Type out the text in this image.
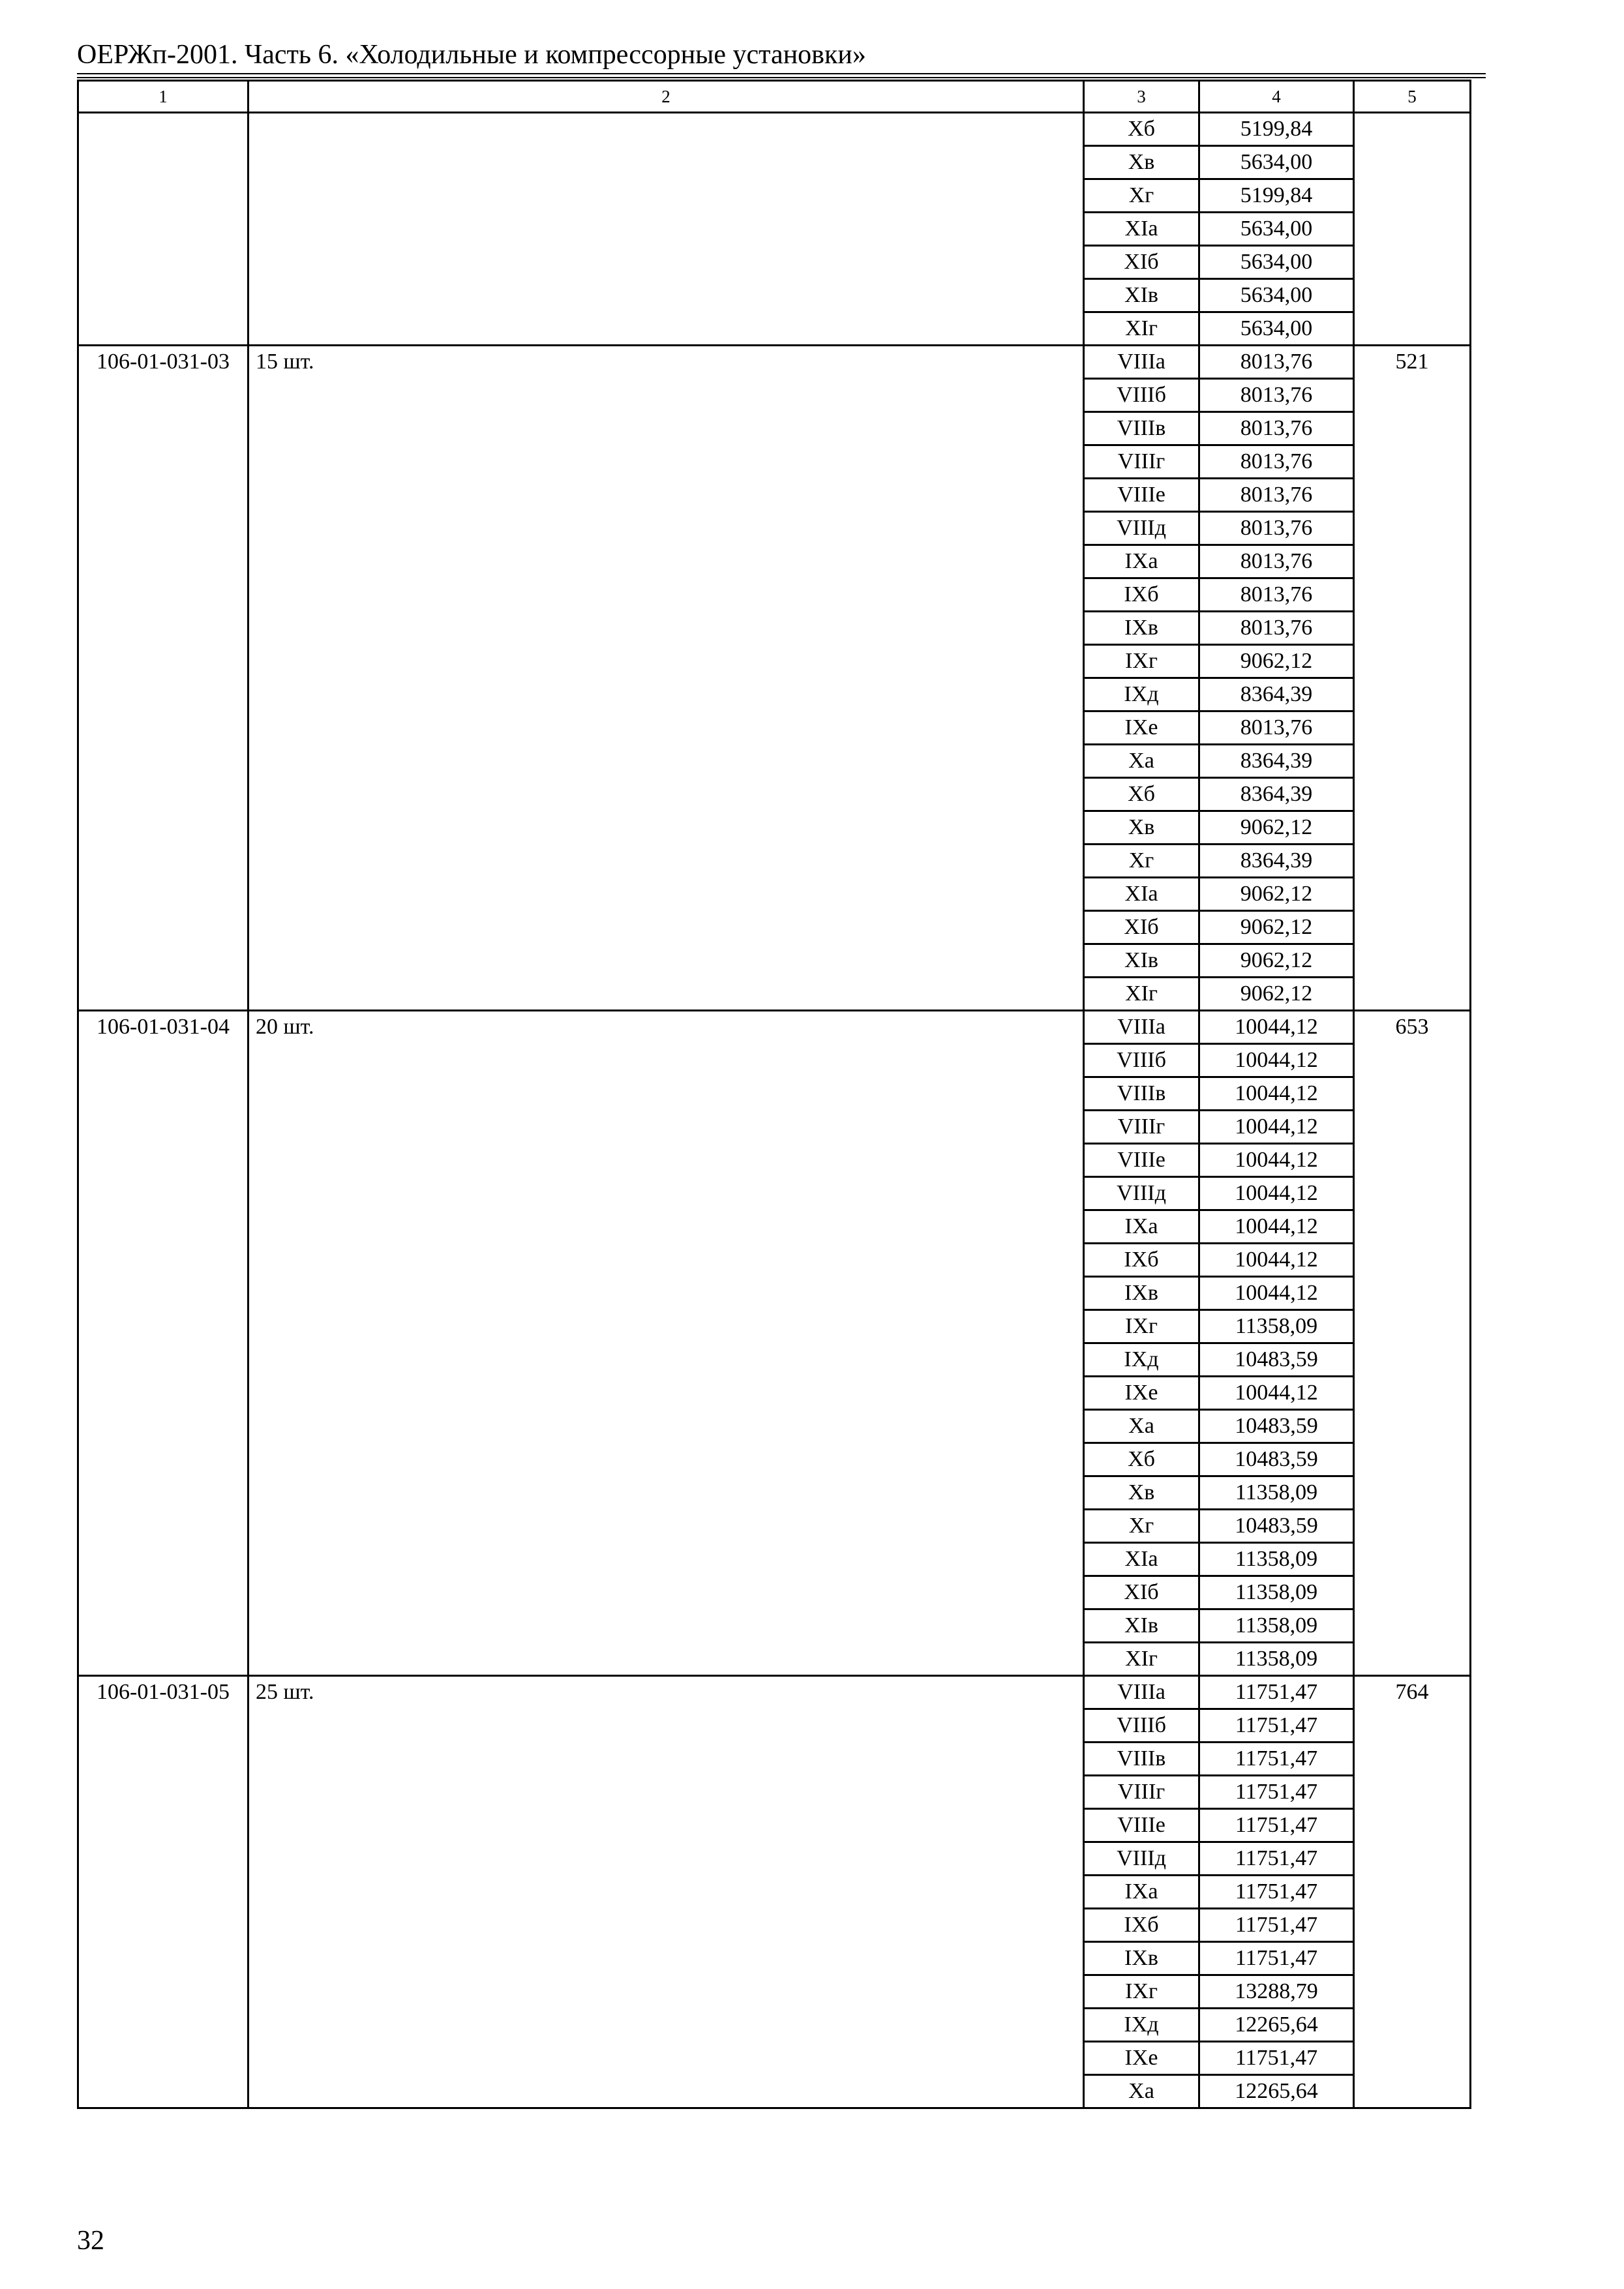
ОЕРЖп-2001. Часть 6. «Холодильные и компрессорные установки»
1	2	3	4	5
		Xб	5199,84	
		Xв	5634,00	
		Xг	5199,84	
		XIа	5634,00	
		XIб	5634,00	
		XIв	5634,00	
		XIг	5634,00	
106-01-031-03	15 шт.	VIIIа	8013,76	521
		VIIIб	8013,76	
		VIIIв	8013,76	
		VIIIг	8013,76	
		VIIIе	8013,76	
		VIIIд	8013,76	
		IXа	8013,76	
		IXб	8013,76	
		IXв	8013,76	
		IXг	9062,12	
		IXд	8364,39	
		IXе	8013,76	
		Xа	8364,39	
		Xб	8364,39	
		Xв	9062,12	
		Xг	8364,39	
		XIа	9062,12	
		XIб	9062,12	
		XIв	9062,12	
		XIг	9062,12	
106-01-031-04	20 шт.	VIIIа	10044,12	653
		VIIIб	10044,12	
		VIIIв	10044,12	
		VIIIг	10044,12	
		VIIIе	10044,12	
		VIIIд	10044,12	
		IXа	10044,12	
		IXб	10044,12	
		IXв	10044,12	
		IXг	11358,09	
		IXд	10483,59	
		IXе	10044,12	
		Xа	10483,59	
		Xб	10483,59	
		Xв	11358,09	
		Xг	10483,59	
		XIа	11358,09	
		XIб	11358,09	
		XIв	11358,09	
		XIг	11358,09	
106-01-031-05	25 шт.	VIIIа	11751,47	764
		VIIIб	11751,47	
		VIIIв	11751,47	
		VIIIг	11751,47	
		VIIIе	11751,47	
		VIIIд	11751,47	
		IXа	11751,47	
		IXб	11751,47	
		IXв	11751,47	
		IXг	13288,79	
		IXд	12265,64	
		IXе	11751,47	
		Xа	12265,64	
32
